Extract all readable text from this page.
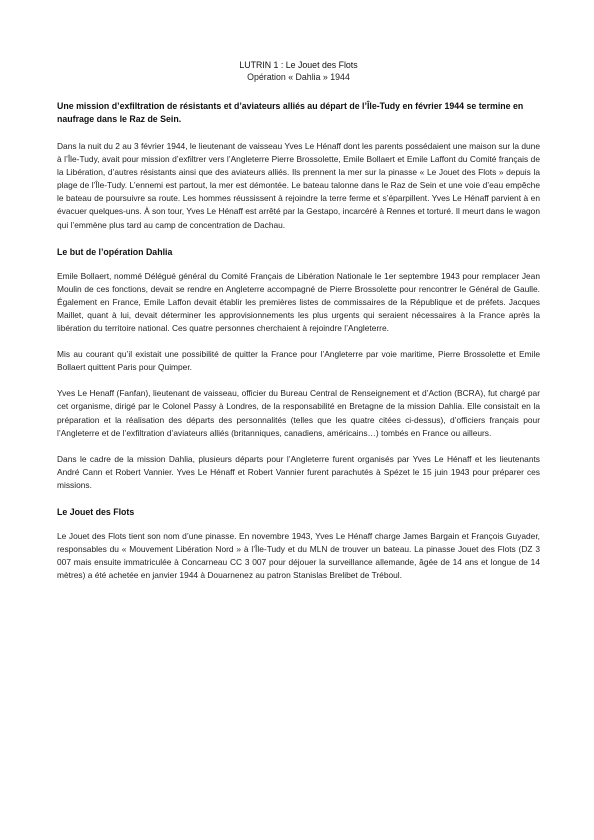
LUTRIN 1 : Le Jouet des Flots

Opération « Dahlia » 1944

Une mission d’exfiltration de résistants et d’aviateurs alliés au départ de l’Île-Tudy en février 1944 se termine en naufrage dans le Raz de Sein.

Dans la nuit du 2 au 3 février 1944, le lieutenant de vaisseau Yves Le Hénaff dont les parents possédaient une maison sur la dune à l’Île-Tudy, avait pour mission d’exfiltrer vers l’Angleterre Pierre Brossolette, Emile Bollaert et Emile Laffont du Comité français de la Libération, d’autres résistants ainsi que des aviateurs alliés. Ils prennent la mer sur la pinasse « Le Jouet des Flots » depuis la plage de l’Île-Tudy. L’ennemi est partout, la mer est démontée. Le bateau talonne dans le Raz de Sein et une voie d’eau empêche le bateau de poursuivre sa route. Les hommes réussissent à rejoindre la terre ferme et s’éparpillent. Yves Le Hénaff parvient à en évacuer quelques-uns. À son tour, Yves Le Hénaff est arrêté par la Gestapo, incarcéré à Rennes et torturé. Il meurt dans le wagon qui l’emmène plus tard au camp de concentration de Dachau.

Le but de l’opération Dahlia

Emile Bollaert, nommé Délégué général du Comité Français de Libération Nationale le 1er septembre 1943 pour remplacer Jean Moulin de ces fonctions, devait se rendre en Angleterre accompagné de Pierre Brossolette pour rencontrer le Général de Gaulle. Également en France, Emile Laffon devait établir les premières listes de commissaires de la République et de préfets. Jacques Maillet, quant à lui, devait déterminer les approvisionnements les plus urgents qui seraient nécessaires à la France après la libération du territoire national. Ces quatre personnes cherchaient à rejoindre l’Angleterre.

Mis au courant qu’il existait une possibilité de quitter la France pour l’Angleterre par voie maritime, Pierre Brossolette et Emile Bollaert quittent Paris pour Quimper.

Yves Le Henaff (Fanfan), lieutenant de vaisseau, officier du Bureau Central de Renseignement et d’Action (BCRA), fut chargé par cet organisme, dirigé par le Colonel Passy à Londres, de la responsabilité en Bretagne de la mission Dahlia. Elle consistait en la préparation et la réalisation des départs des personnalités (telles que les quatre citées ci-dessus), d’officiers français pour l’Angleterre et de l’exfiltration d’aviateurs alliés (britanniques, canadiens, américains…) tombés en France ou ailleurs.

Dans le cadre de la mission Dahlia, plusieurs départs pour l’Angleterre furent organisés par Yves Le Hénaff et les lieutenants André Cann et Robert Vannier. Yves Le Hénaff et Robert Vannier furent parachutés à Spézet le 15 juin 1943 pour préparer ces missions.

Le Jouet des Flots

Le Jouet des Flots tient son nom d’une pinasse. En novembre 1943, Yves Le Hénaff charge James Bargain et François Guyader, responsables du « Mouvement Libération Nord » à l’Île-Tudy et du MLN de trouver un bateau. La pinasse Jouet des Flots (DZ 3 007 mais ensuite immatriculée à Concarneau CC 3 007 pour déjouer la surveillance allemande, âgée de 14 ans et longue de 14 mètres) a été achetée en janvier 1944 à Douarnenez au patron Stanislas Brelibet de Tréboul.
